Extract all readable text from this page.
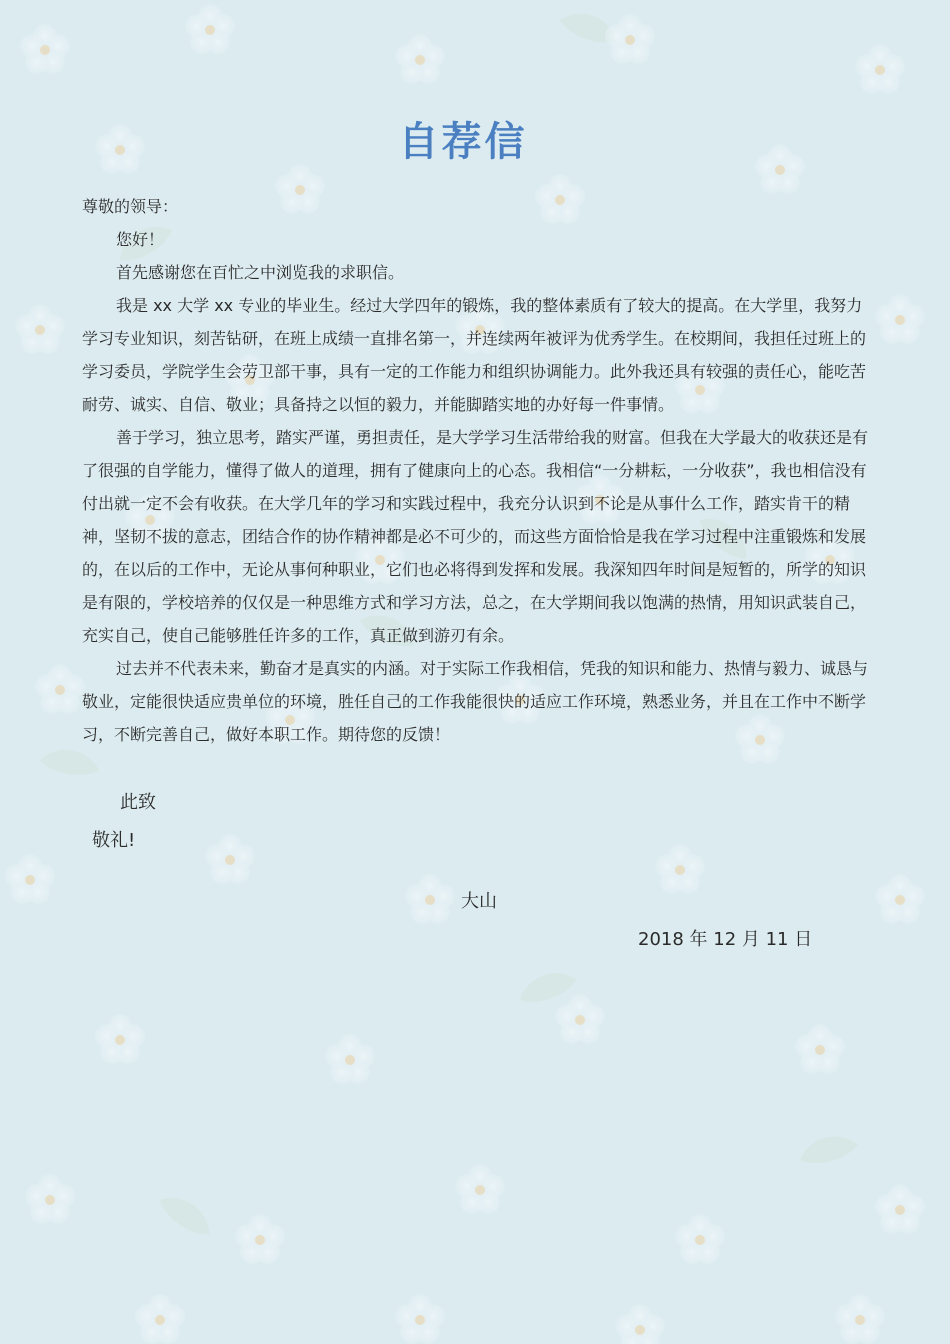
自荐信

尊敬的领导：

您好！

首先感谢您在百忙之中浏览我的求职信。

我是 xx 大学 xx 专业的毕业生。经过大学四年的锻炼，我的整体素质有了较大的提高。在大学里，我努力学习专业知识，刻苦钻研，在班上成绩一直排名第一，并连续两年被评为优秀学生。在校期间，我担任过班上的学习委员，学院学生会劳卫部干事，具有一定的工作能力和组织协调能力。此外我还具有较强的责任心，能吃苦耐劳、诚实、自信、敬业；具备持之以恒的毅力，并能脚踏实地的办好每一件事情。

善于学习，独立思考，踏实严谨，勇担责任，是大学学习生活带给我的财富。但我在大学最大的收获还是有了很强的自学能力，懂得了做人的道理，拥有了健康向上的心态。我相信“一分耕耘，一分收获”，我也相信没有付出就一定不会有收获。在大学几年的学习和实践过程中，我充分认识到不论是从事什么工作，踏实肯干的精神，坚韧不拔的意志，团结合作的协作精神都是必不可少的，而这些方面恰恰是我在学习过程中注重锻炼和发展的，在以后的工作中，无论从事何种职业，它们也必将得到发挥和发展。我深知四年时间是短暂的，所学的知识是有限的，学校培养的仅仅是一种思维方式和学习方法，总之，在大学期间我以饱满的热情，用知识武装自己，充实自己，使自己能够胜任许多的工作，真正做到游刃有余。

过去并不代表未来，勤奋才是真实的内涵。对于实际工作我相信，凭我的知识和能力、热情与毅力、诚恳与敬业，定能很快适应贵单位的环境，胜任自己的工作我能很快的适应工作环境，熟悉业务，并且在工作中不断学习，不断完善自己，做好本职工作。期待您的反馈！

此致
敬礼!
大山
2018 年 12 月 11 日
